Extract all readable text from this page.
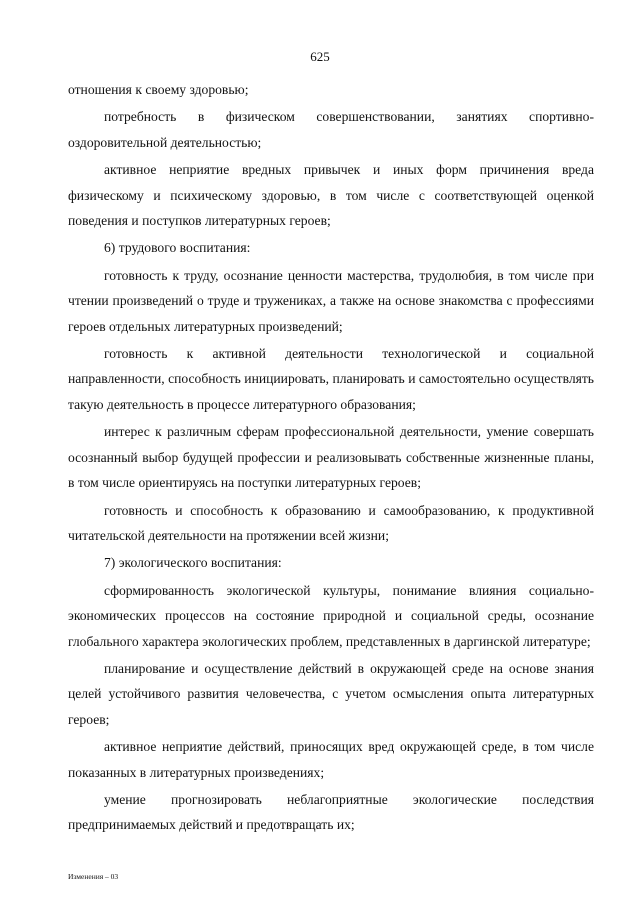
625

отношения к своему здоровью;

потребность в физическом совершенствовании, занятиях спортивно-оздоровительной деятельностью;

активное неприятие вредных привычек и иных форм причинения вреда физическому и психическому здоровью, в том числе с соответствующей оценкой поведения и поступков литературных героев;

6) трудового воспитания:

готовность к труду, осознание ценности мастерства, трудолюбия, в том числе при чтении произведений о труде и тружениках, а также на основе знакомства с профессиями героев отдельных литературных произведений;

готовность к активной деятельности технологической и социальной направленности, способность инициировать, планировать и самостоятельно осуществлять такую деятельность в процессе литературного образования;

интерес к различным сферам профессиональной деятельности, умение совершать осознанный выбор будущей профессии и реализовывать собственные жизненные планы, в том числе ориентируясь на поступки литературных героев;

готовность и способность к образованию и самообразованию, к продуктивной читательской деятельности на протяжении всей жизни;

7) экологического воспитания:

сформированность экологической культуры, понимание влияния социально-экономических процессов на состояние природной и социальной среды, осознание глобального характера экологических проблем, представленных в даргинской литературе;

планирование и осуществление действий в окружающей среде на основе знания целей устойчивого развития человечества, с учетом осмысления опыта литературных героев;

активное неприятие действий, приносящих вред окружающей среде, в том числе показанных в литературных произведениях;

умение прогнозировать неблагоприятные экологические последствия предпринимаемых действий и предотвращать их;

Изменения – 03
